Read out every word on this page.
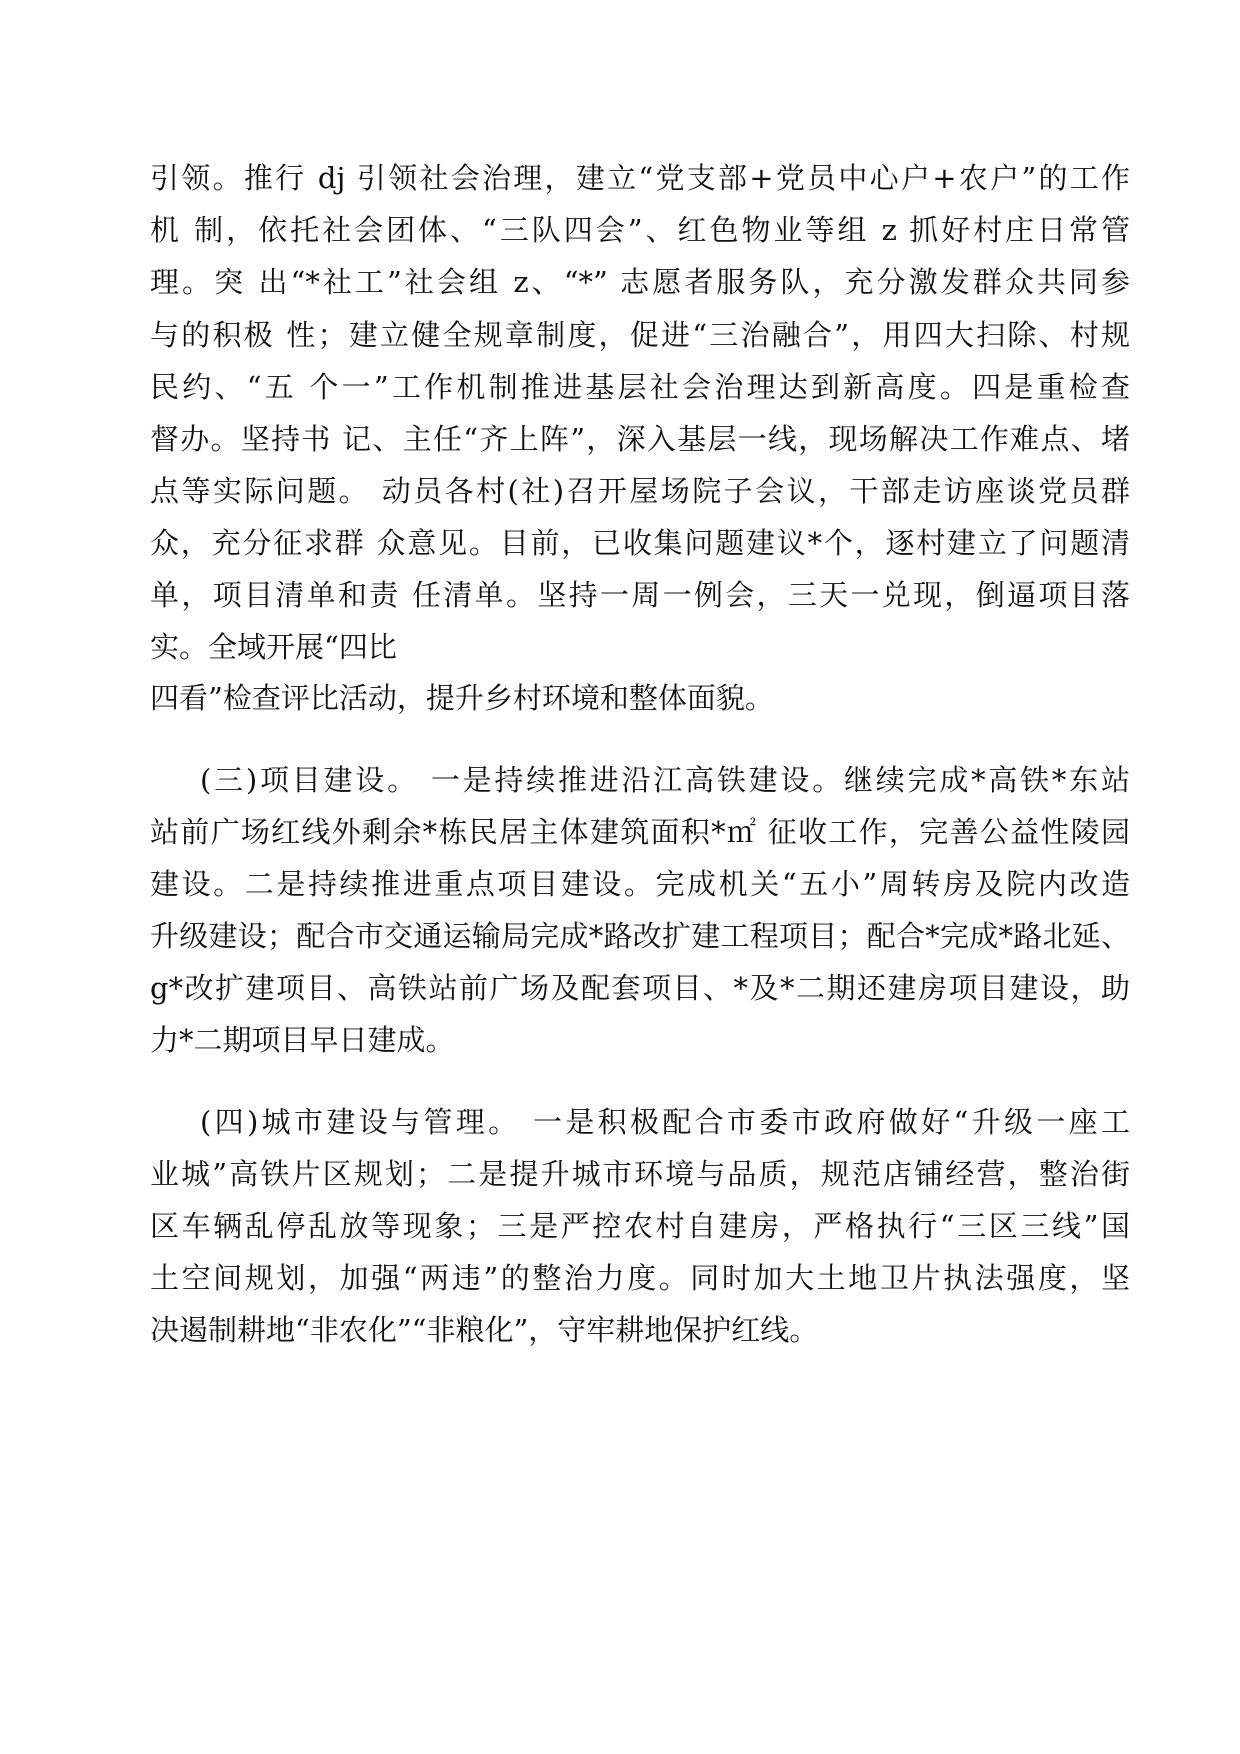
引领。推行 dj 引领社会治理，建立“党支部+党员中心户+农户”的工作
机 制，依托社会团体、“三队四会”、红色物业等组 z 抓好村庄日常管
理。突 出“*社工”社会组 z、“*” 志愿者服务队，充分激发群众共同参
与的积极 性；建立健全规章制度，促进“三治融合”，用四大扫除、村规
民约、“五 个一”工作机制推进基层社会治理达到新高度。四是重检查
督办。坚持书 记、主任“齐上阵”，深入基层一线，现场解决工作难点、堵
点等实际问题。 动员各村(社)召开屋场院子会议，干部走访座谈党员群
众，充分征求群 众意见。目前，已收集问题建议*个，逐村建立了问题清
单，项目清单和责 任清单。坚持一周一例会，三天一兑现，倒逼项目落
实。全域开展“四比
四看”检查评比活动，提升乡村环境和整体面貌。
(三)项目建设。 一是持续推进沿江高铁建设。继续完成*高铁*东站
站前广场红线外剩余*栋民居主体建筑面积*㎡ 征收工作，完善公益性陵园
建设。二是持续推进重点项目建设。完成机关“五小”周转房及院内改造
升级建设；配合市交通运输局完成*路改扩建工程项目；配合*完成*路北延、
g*改扩建项目、高铁站前广场及配套项目、*及*二期还建房项目建设，助
力*二期项目早日建成。
(四)城市建设与管理。 一是积极配合市委市政府做好“升级一座工
业城”高铁片区规划；二是提升城市环境与品质，规范店铺经营，整治街
区车辆乱停乱放等现象；三是严控农村自建房，严格执行“三区三线”国
土空间规划，加强“两违”的整治力度。同时加大土地卫片执法强度，坚
决遏制耕地“非农化”“非粮化”，守牢耕地保护红线。
